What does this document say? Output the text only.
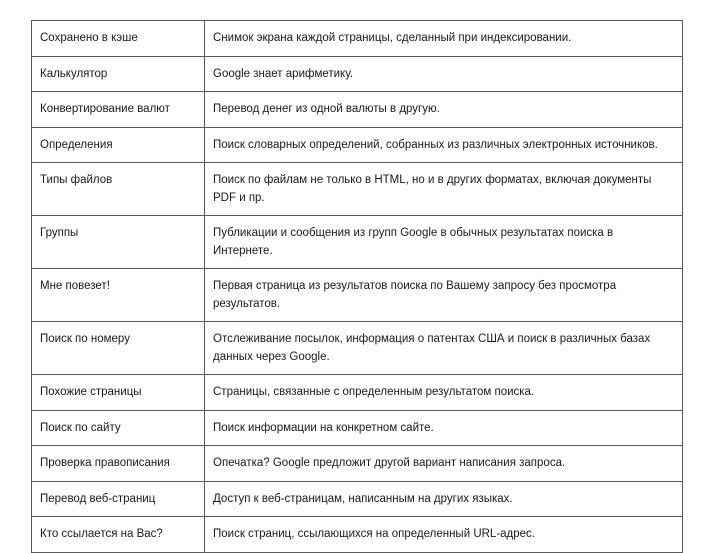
Сохранено в кэше	Снимок экрана каждой страницы, сделанный при индексировании.
Калькулятор	Google знает арифметику.
Конвертирование валют	Перевод денег из одной валюты в другую.
Определения	Поиск словарных определений, собранных из различных электронных источников.
Типы файлов	Поиск по файлам не только в HTML, но и в других форматах, включая документы PDF и пр.
Группы	Публикации и сообщения из групп Google в обычных результатах поиска в Интернете.
Мне повезет!	Первая страница из результатов поиска по Вашему запросу без просмотра результатов.
Поиск по номеру	Отслеживание посылок, информация о патентах США и поиск в различных базах данных через Google.
Похожие страницы	Страницы, связанные с определенным результатом поиска.
Поиск по сайту	Поиск информации на конкретном сайте.
Проверка правописания	Опечатка? Google предложит другой вариант написания запроса.
Перевод веб-страниц	Доступ к веб-страницам, написанным на других языках.
Кто ссылается на Вас?	Поиск страниц, ссылающихся на определенный URL-адрес.
